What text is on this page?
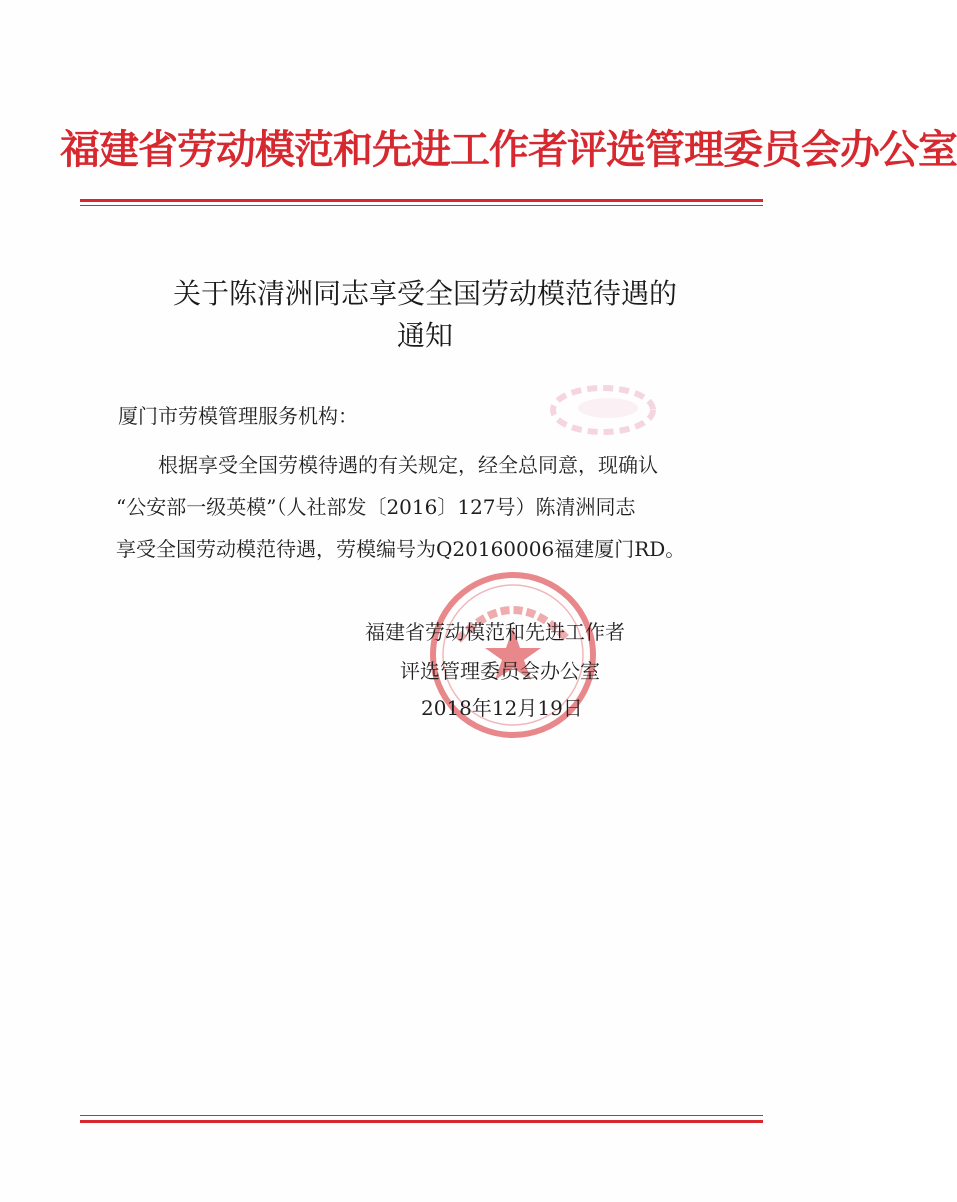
福建省劳动模范和先进工作者评选管理委员会办公室
关于陈清洲同志享受全国劳动模范待遇的
通知
厦门市劳模管理服务机构：
根据享受全国劳模待遇的有关规定，经全总同意，现确认
“公安部一级英模”（人社部发〔2016〕127号）陈清洲同志
享受全国劳动模范待遇，劳模编号为Q20160006福建厦门RD。
福建省劳动模范和先进工作者
评选管理委员会办公室
2018年12月19日
